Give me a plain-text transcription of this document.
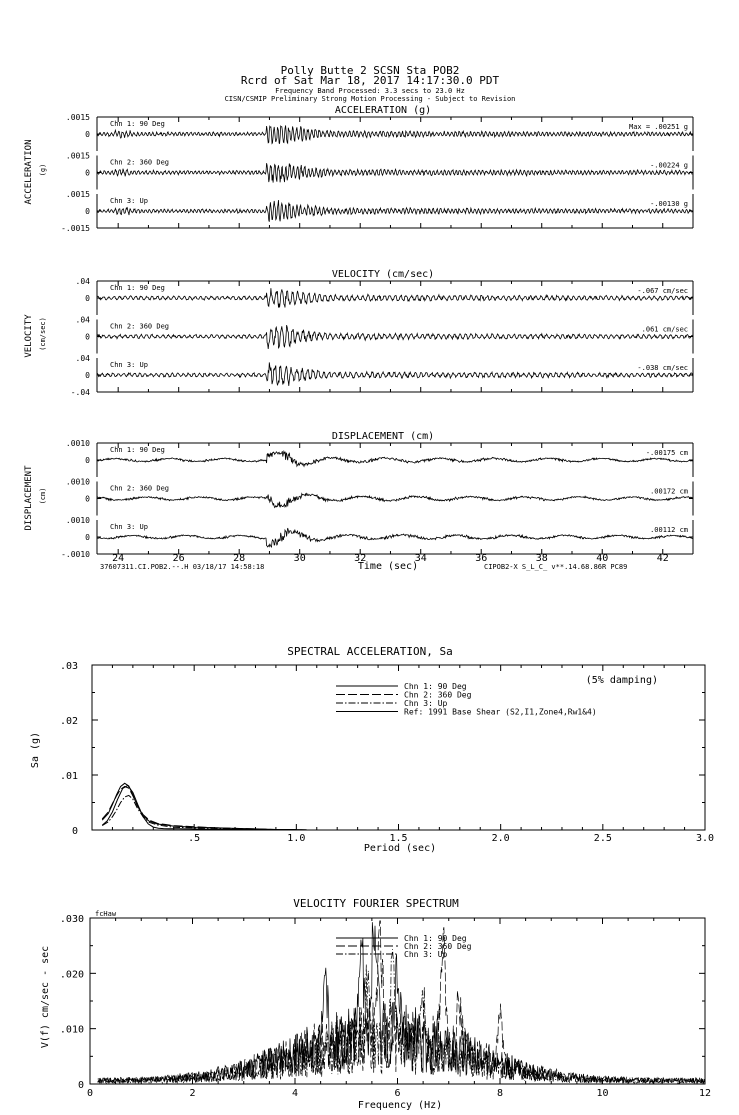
Polly Butte 2 SCSN Sta POB2
Rcrd of Sat Mar 18, 2017 14:17:30.0 PDT
Frequency Band Processed: 3.3 secs to 23.0 Hz
CISN/CSMIP Preliminary Strong Motion Processing - Subject to Revision
ACCELERATION (g)
ACCELERATION (g)
.0015
0
Chn 1: 90 Deg	Max = .00251 g
.0015
0
Chn 2: 360 Deg	-.00224 g
.0015
0
-.0015
Chn 3: Up	-.00130 g
VELOCITY (cm/sec)
VELOCITY (cm/sec)
.04
0
Chn 1: 90 Deg	-.067 cm/sec
.04
0
Chn 2: 360 Deg	.061 cm/sec
.04
0
-.04
Chn 3: Up	-.038 cm/sec
DISPLACEMENT (cm)
DISPLACEMENT (cm)
.0010
0
Chn 1: 90 Deg	-.00175 cm
.0010
0
Chn 2: 360 Deg	.00172 cm
.0010
0
-.0010
Chn 3: Up	.00112 cm
Time (sec)
37607311.CI.POB2.--.H 03/18/17 14:58:18	CIPOB2-X S_L_C_ v**.14.68.86R PC89
24	26	28	30	32	34	36	38	40	42
SPECTRAL ACCELERATION, Sa
Period (sec)
Sa (g)
(5% damping)
.5	1.0	1.5	2.0	2.5	3.0
.03
.02
.01
0
Chn 1: 90 Deg
Chn 2: 360 Deg
Chn 3: Up
Ref: 1991 Base Shear (S2,I1,Zone4,Rw1&4)
VELOCITY FOURIER SPECTRUM
Frequency (Hz)
V(f) cm/sec - sec
fcHaw
0	2	4	6	8	10	12
.030
.020
.010
0
Chn 1: 90 Deg
Chn 2: 360 Deg
Chn 3: Up
